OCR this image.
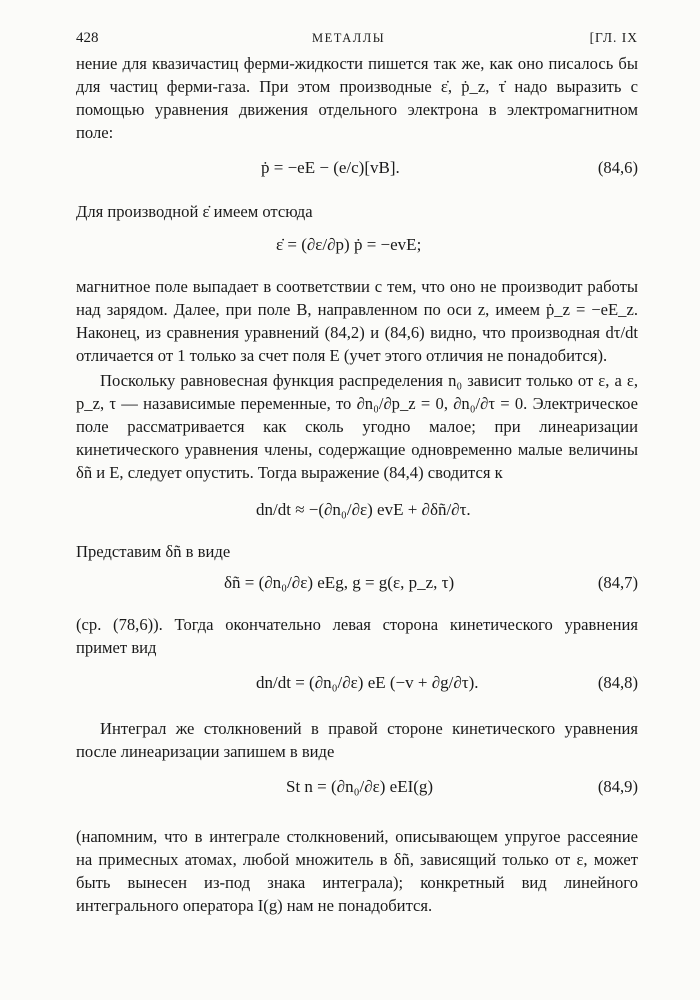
428	МЕТАЛЛЫ	[ГЛ. IX

нение для квазичастиц ферми-жидкости пишется так же, как оно писалось бы для частиц ферми-газа. При этом производные ε̇, ṗ_z, τ̇ надо выразить с помощью уравнения движения отдельного электрона в электромагнитном поле:

ṗ = −eE − (e/c)[vB].	(84,6)

Для производной ε̇ имеем отсюда

ε̇ = (∂ε/∂p) ṗ = −evE;

магнитное поле выпадает в соответствии с тем, что оно не производит работы над зарядом. Далее, при поле B, направленном по оси z, имеем ṗ_z = −eE_z. Наконец, из сравнения уравнений (84,2) и (84,6) видно, что производная dτ/dt отличается от 1 только за счет поля E (учет этого отличия не понадобится).

Поскольку равновесная функция распределения n₀ зависит только от ε, а ε, p_z, τ — назависимые переменные, то ∂n₀/∂p_z = 0, ∂n₀/∂τ = 0. Электрическое поле рассматривается как сколь угодно малое; при линеаризации кинетического уравнения члены, содержащие одновременно малые величины δñ и E, следует опустить. Тогда выражение (84,4) сводится к

dn/dt ≈ −(∂n₀/∂ε) evE + ∂δñ/∂τ.

Представим δñ в виде

δñ = (∂n₀/∂ε) eEg, g = g(ε, p_z, τ)	(84,7)

(ср. (78,6)). Тогда окончательно левая сторона кинетического уравнения примет вид

dn/dt = (∂n₀/∂ε) eE (−v + ∂g/∂τ).	(84,8)

Интеграл же столкновений в правой стороне кинетического уравнения после линеаризации запишем в виде

St n = (∂n₀/∂ε) eEI(g)	(84,9)

(напомним, что в интеграле столкновений, описывающем упругое рассеяние на примесных атомах, любой множитель в δñ, зависящий только от ε, может быть вынесен из-под знака интеграла); конкретный вид линейного интегрального оператора I(g) нам не понадобится.
